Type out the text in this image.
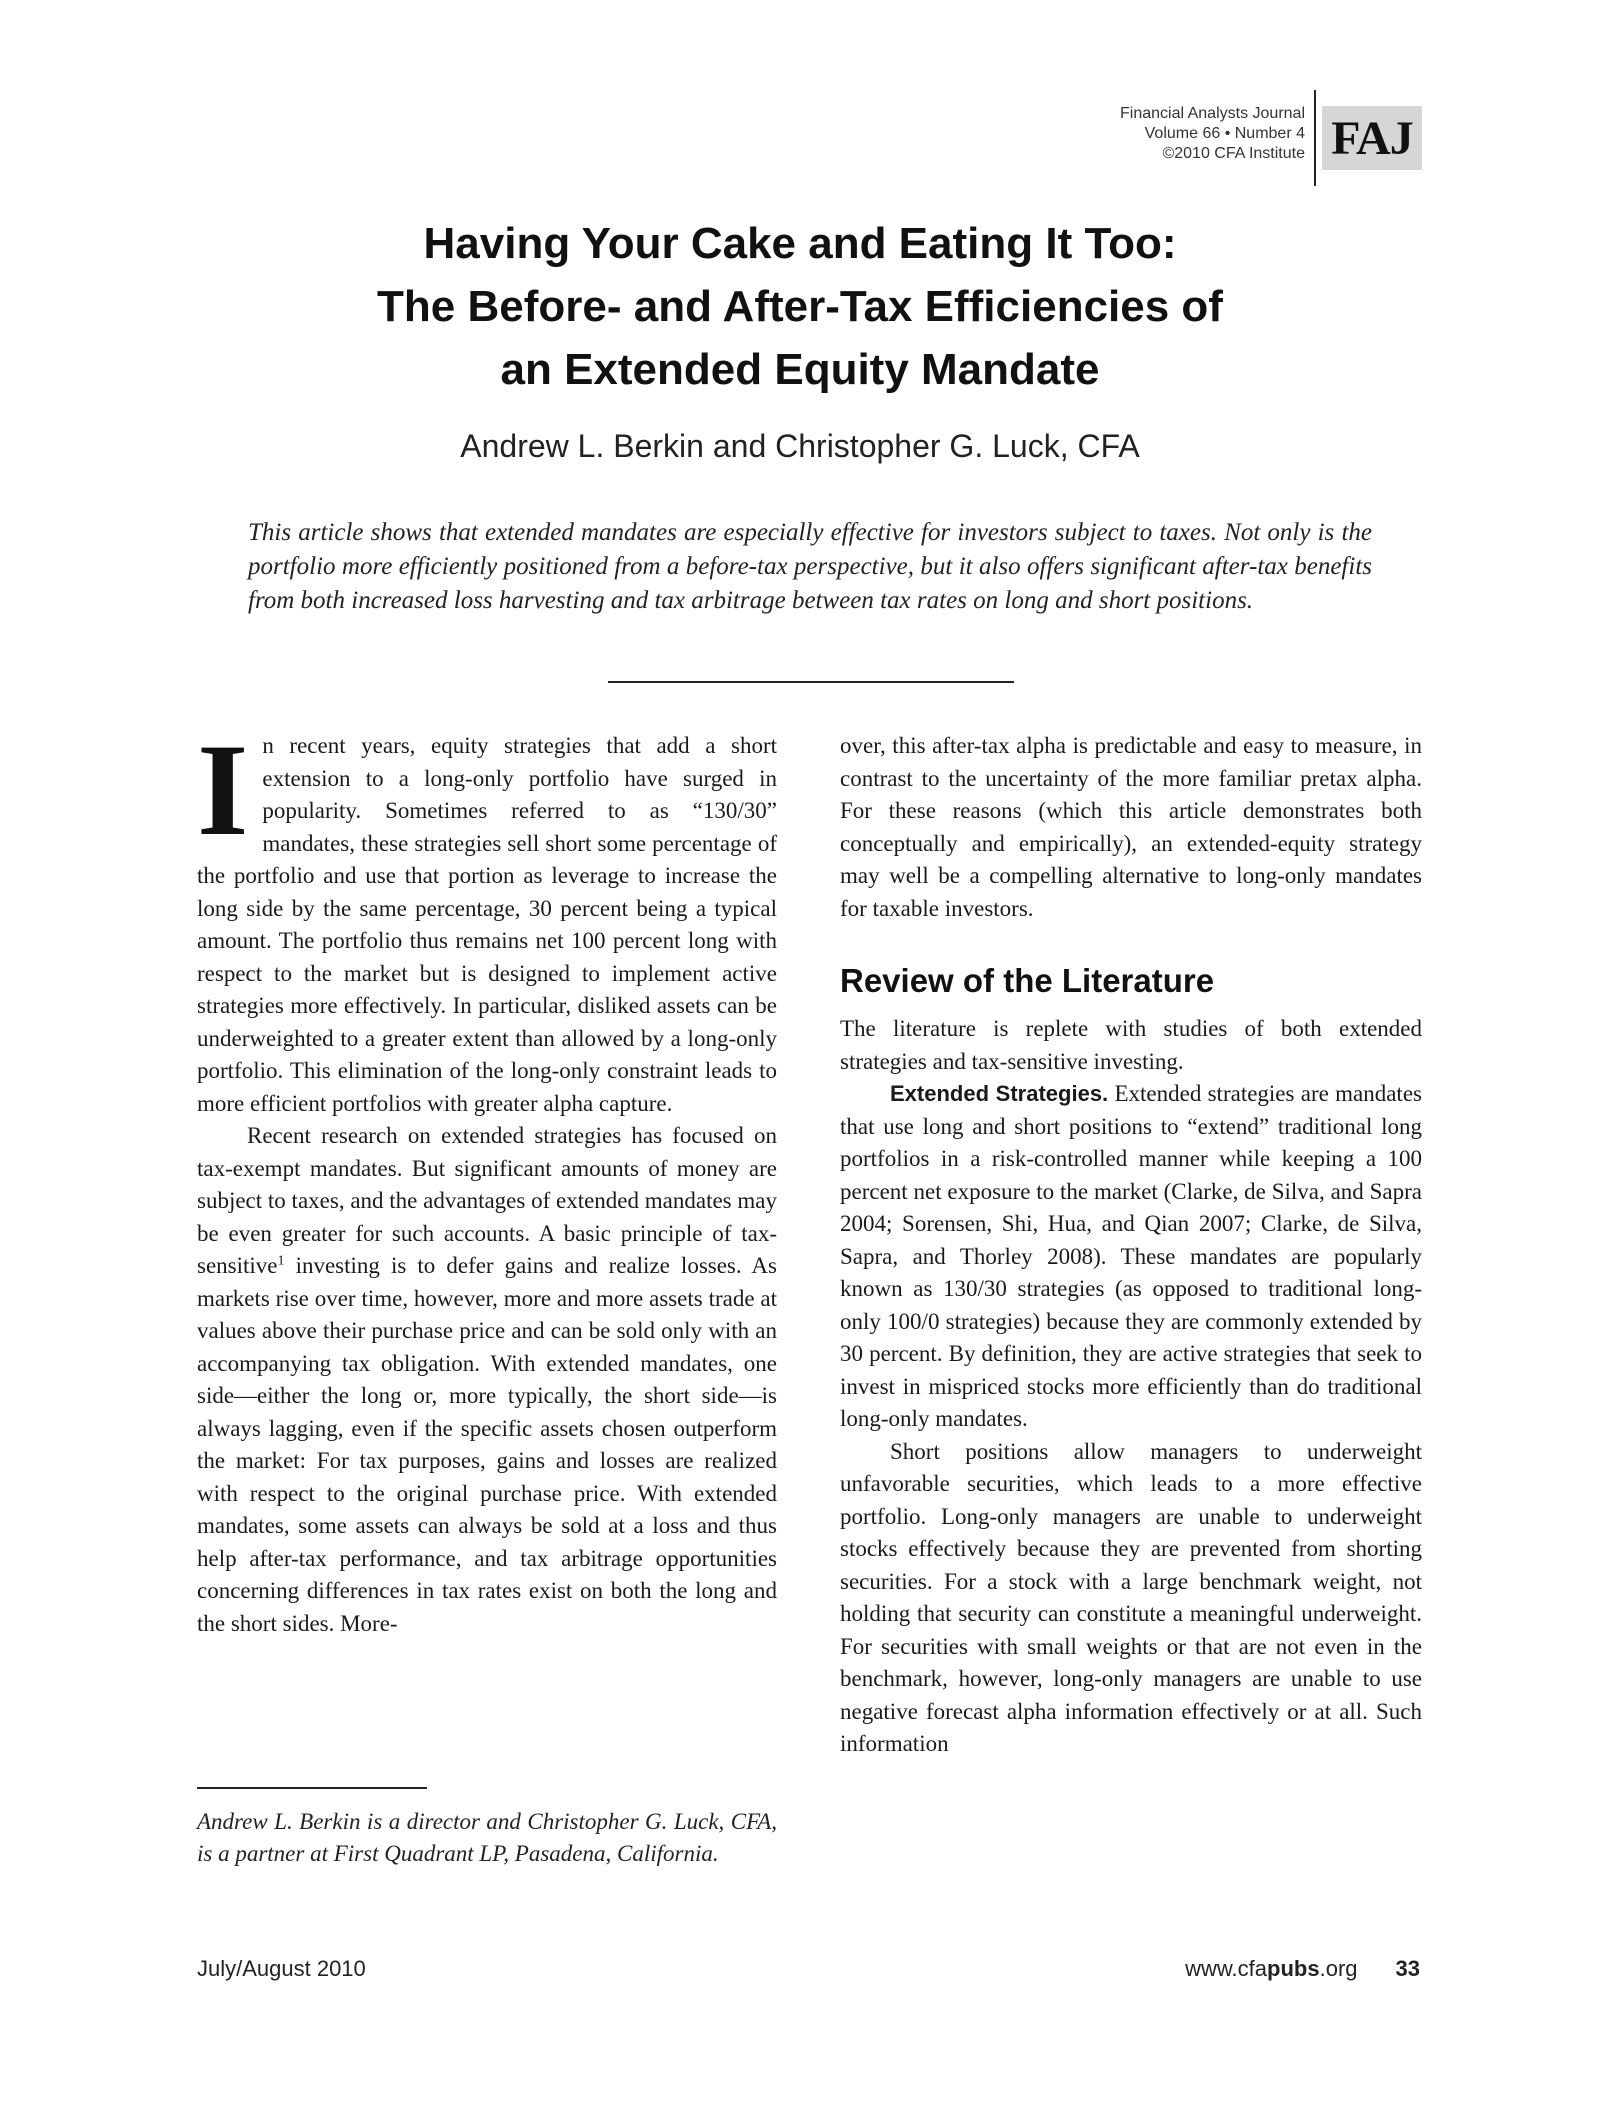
Financial Analysts Journal
Volume 66 • Number 4
©2010 CFA Institute FAJ
Having Your Cake and Eating It Too:
The Before- and After-Tax Efficiencies of
an Extended Equity Mandate
Andrew L. Berkin and Christopher G. Luck, CFA
This article shows that extended mandates are especially effective for investors subject to taxes. Not only is the portfolio more efficiently positioned from a before-tax perspective, but it also offers significant after-tax benefits from both increased loss harvesting and tax arbitrage between tax rates on long and short positions.

In recent years, equity strategies that add a short extension to a long-only portfolio have surged in popularity. Sometimes referred to as “130/30” mandates, these strategies sell short some percentage of the portfolio and use that portion as leverage to increase the long side by the same percentage, 30 percent being a typical amount. The portfolio thus remains net 100 percent long with respect to the market but is designed to implement active strategies more effectively. In particular, disliked assets can be underweighted to a greater extent than allowed by a long-only portfolio. This elimination of the long-only constraint leads to more efficient portfolios with greater alpha capture.

Recent research on extended strategies has focused on tax-exempt mandates. But significant amounts of money are subject to taxes, and the advantages of extended mandates may be even greater for such accounts. A basic principle of tax-sensitive$^1$ investing is to defer gains and realize losses. As markets rise over time, however, more and more assets trade at values above their purchase price and can be sold only with an accompanying tax obligation. With extended mandates, one side—either the long or, more typically, the short side—is always lagging, even if the specific assets chosen outperform the market: For tax purposes, gains and losses are realized with respect to the original purchase price. With extended mandates, some assets can always be sold at a loss and thus help after-tax performance, and tax arbitrage opportunities concerning differences in tax rates exist on both the long and the short sides. More-

Andrew L. Berkin is a director and Christopher G. Luck, CFA, is a partner at First Quadrant LP, Pasadena, California.

over, this after-tax alpha is predictable and easy to measure, in contrast to the uncertainty of the more familiar pretax alpha. For these reasons (which this article demonstrates both conceptually and empirically), an extended-equity strategy may well be a compelling alternative to long-only mandates for taxable investors.

Review of the Literature

The literature is replete with studies of both extended strategies and tax-sensitive investing.

Extended Strategies. Extended strategies are mandates that use long and short positions to “extend” traditional long portfolios in a risk-controlled manner while keeping a 100 percent net exposure to the market (Clarke, de Silva, and Sapra 2004; Sorensen, Shi, Hua, and Qian 2007; Clarke, de Silva, Sapra, and Thorley 2008). These mandates are popularly known as 130/30 strategies (as opposed to traditional long-only 100/0 strategies) because they are commonly extended by 30 percent. By definition, they are active strategies that seek to invest in mispriced stocks more efficiently than do traditional long-only mandates.

Short positions allow managers to underweight unfavorable securities, which leads to a more effective portfolio. Long-only managers are unable to underweight stocks effectively because they are prevented from shorting securities. For a stock with a large benchmark weight, not holding that security can constitute a meaningful underweight. For securities with small weights or that are not even in the benchmark, however, long-only managers are unable to use negative forecast alpha information effectively or at all. Such information

July/August 2010	www.cfapubs.org 33
